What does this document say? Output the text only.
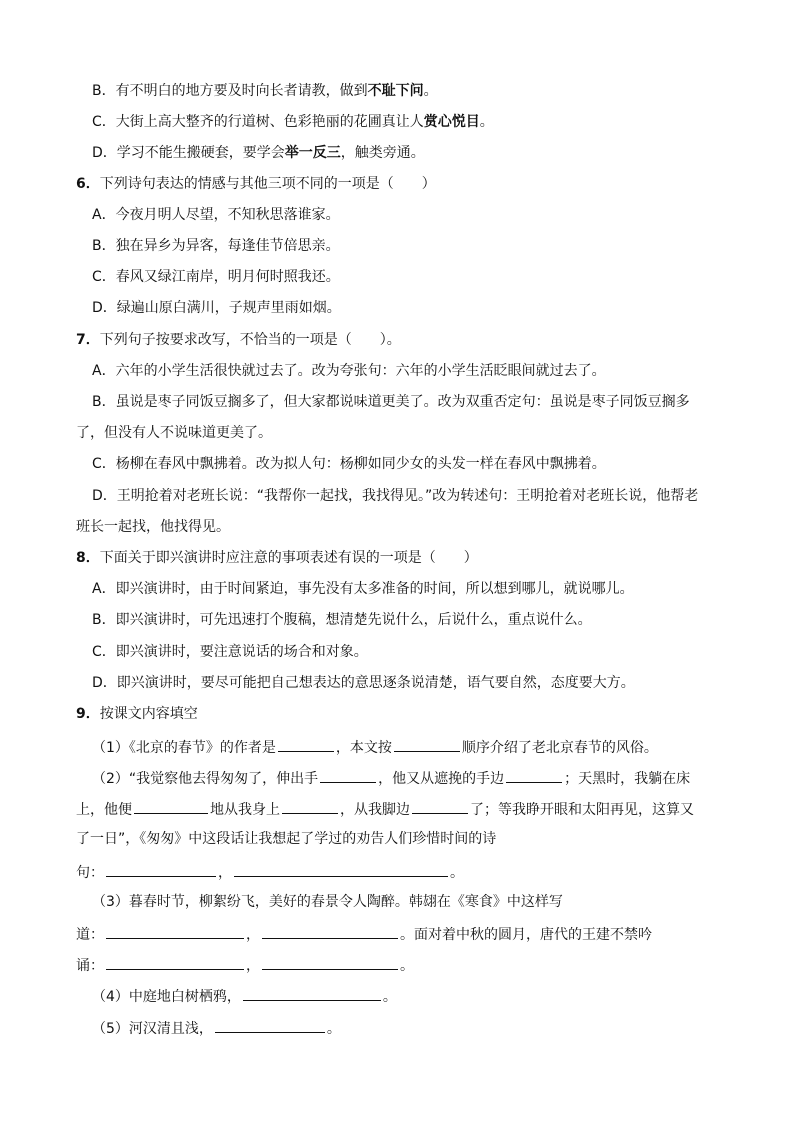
B．有不明白的地方要及时向长者请教，做到不耻下问。
C．大街上高大整齐的行道树、色彩艳丽的花圃真让人赏心悦目。
D．学习不能生搬硬套，要学会举一反三，触类旁通。
6．下列诗句表达的情感与其他三项不同的一项是（　　）
A．今夜月明人尽望，不知秋思落谁家。
B．独在异乡为异客，每逢佳节倍思亲。
C．春风又绿江南岸，明月何时照我还。
D．绿遍山原白满川，子规声里雨如烟。
7．下列句子按要求改写，不恰当的一项是（　　）。
A．六年的小学生活很快就过去了。改为夸张句：六年的小学生活眨眼间就过去了。
B．虽说是枣子同饭豆搁多了，但大家都说味道更美了。改为双重否定句：虽说是枣子同饭豆搁多
了，但没有人不说味道更美了。
C．杨柳在春风中飘拂着。改为拟人句：杨柳如同少女的头发一样在春风中飘拂着。
D．王明抢着对老班长说：“我帮你一起找，我找得见。”改为转述句：王明抢着对老班长说，他帮老
班长一起找，他找得见。
8．下面关于即兴演讲时应注意的事项表述有误的一项是（　　）
A．即兴演讲时，由于时间紧迫，事先没有太多准备的时间，所以想到哪儿，就说哪儿。
B．即兴演讲时，可先迅速打个腹稿，想清楚先说什么，后说什么，重点说什么。
C．即兴演讲时，要注意说话的场合和对象。
D．即兴演讲时，要尽可能把自己想表达的意思逐条说清楚，语气要自然，态度要大方。
9．按课文内容填空
（1）《北京的春节》的作者是	，本文按	顺序介绍了老北京春节的风俗。
（2）“我觉察他去得匆匆了，伸出手	，他又从遮挽的手边	；天黑时，我躺在床
上，他便	地从我身上	，从我脚边	了；等我睁开眼和太阳再见，这算又
了一日”，《匆匆》中这段话让我想起了学过的劝告人们珍惜时间的诗
句：	，	。
（3）暮春时节，柳絮纷飞，美好的春景令人陶醉。韩翃在《寒食》中这样写
道：	，	。面对着中秋的圆月，唐代的王建不禁吟
诵：	，	。
（4）中庭地白树栖鸦，	。
（5）河汉清且浅，	。
